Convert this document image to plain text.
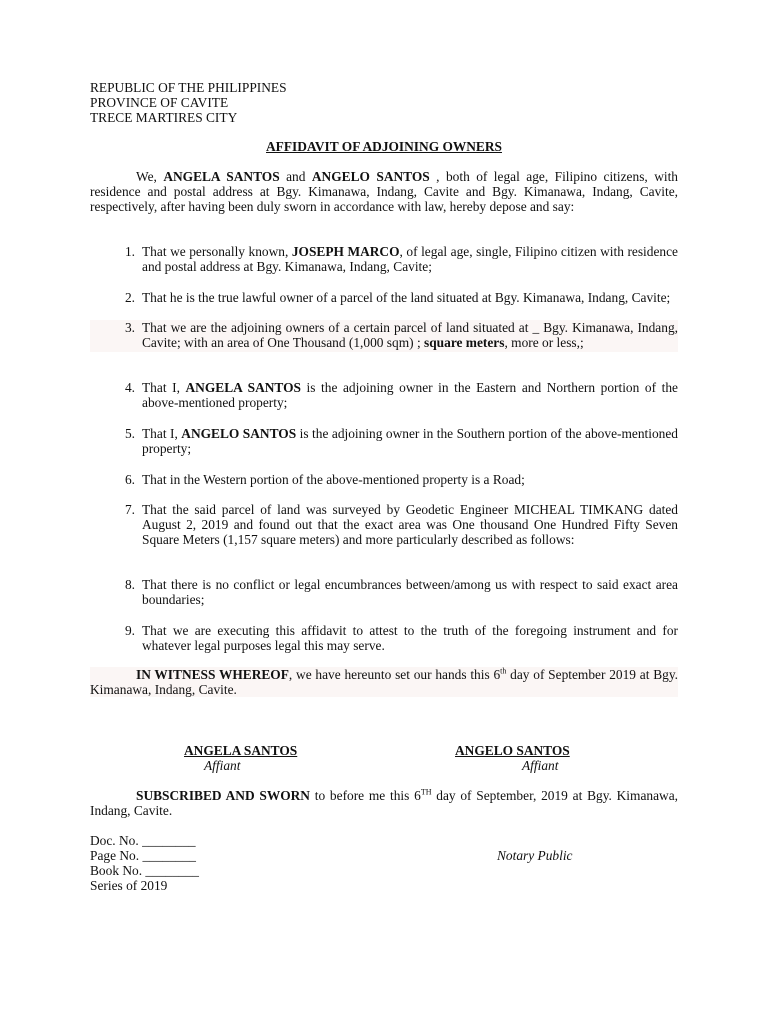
REPUBLIC OF THE PHILIPPINES
PROVINCE OF CAVITE
TRECE MARTIRES CITY
AFFIDAVIT OF ADJOINING OWNERS
We, ANGELA SANTOS and ANGELO SANTOS , both of legal age, Filipino citizens, with residence and postal address at Bgy. Kimanawa, Indang, Cavite and Bgy. Kimanawa, Indang, Cavite, respectively, after having been duly sworn in accordance with law, hereby depose and say:
1. That we personally known, JOSEPH MARCO, of legal age, single, Filipino citizen with residence and postal address at Bgy. Kimanawa, Indang, Cavite;
2. That he is the true lawful owner of a parcel of the land situated at Bgy. Kimanawa, Indang, Cavite;
3. That we are the adjoining owners of a certain parcel of land situated at _ Bgy. Kimanawa, Indang, Cavite; with an area of One Thousand (1,000 sqm) ; square meters, more or less,;
4. That I, ANGELA SANTOS is the adjoining owner in the Eastern and Northern portion of the above-mentioned property;
5. That I, ANGELO SANTOS is the adjoining owner in the Southern portion of the above-mentioned property;
6. That in the Western portion of the above-mentioned property is a Road;
7. That the said parcel of land was surveyed by Geodetic Engineer MICHEAL TIMKANG dated August 2, 2019 and found out that the exact area was One thousand One Hundred Fifty Seven Square Meters (1,157 square meters) and more particularly described as follows:
8. That there is no conflict or legal encumbrances between/among us with respect to said exact area boundaries;
9. That we are executing this affidavit to attest to the truth of the foregoing instrument and for whatever legal purposes legal this may serve.
IN WITNESS WHEREOF, we have hereunto set our hands this 6th day of September 2019 at Bgy. Kimanawa, Indang, Cavite.
ANGELA SANTOS
Affiant
ANGELO SANTOS
Affiant
SUBSCRIBED AND SWORN to before me this 6TH day of September, 2019 at Bgy. Kimanawa, Indang, Cavite.
Doc. No. ________
Page No. ________
Book No. ________
Series of 2019
Notary Public
